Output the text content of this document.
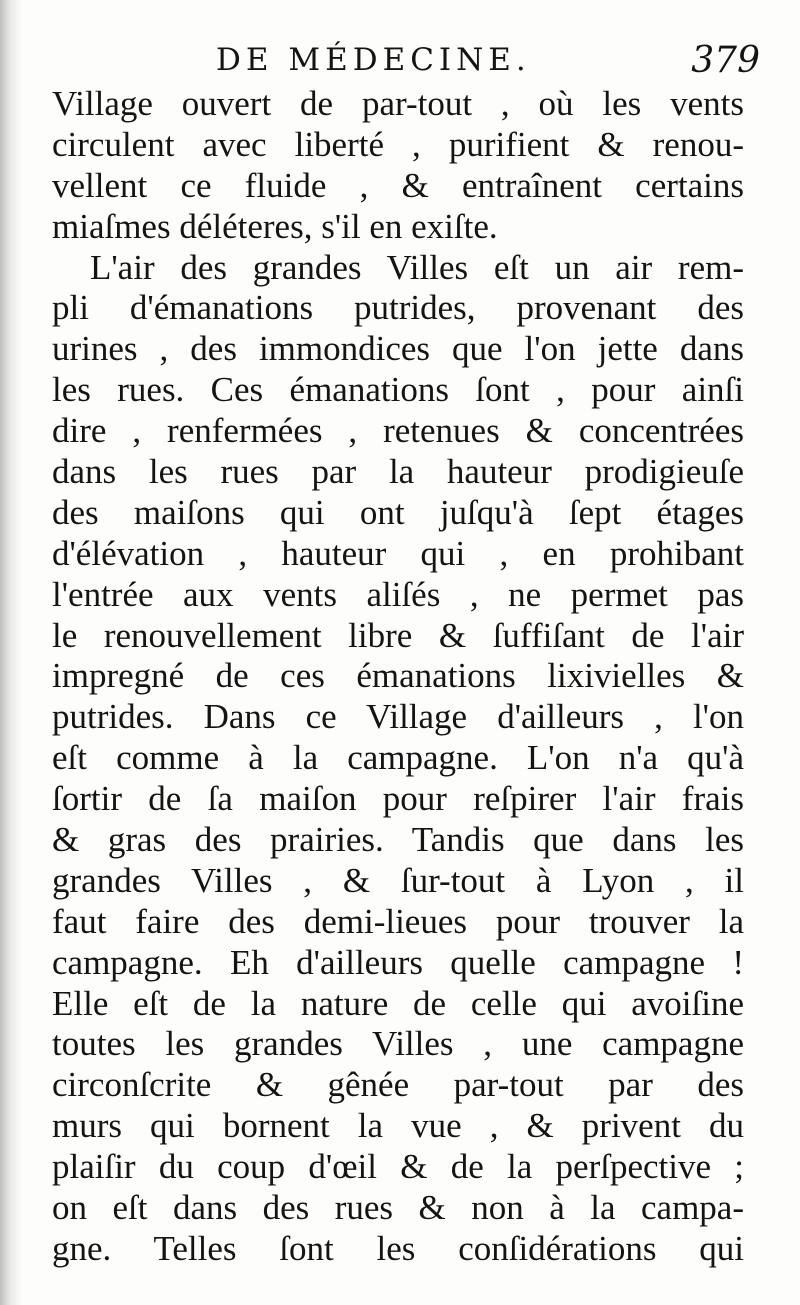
DE MÉDECINE.	379
Village ouvert de par-tout , où les vents
circulent avec liberté , purifient & renou-
vellent ce fluide , & entraînent certains
miaſmes déléteres, s'il en exiſte.
L'air des grandes Villes eſt un air rem-
pli d'émanations putrides, provenant des
urines , des immondices que l'on jette dans
les rues. Ces émanations ſont , pour ainſi
dire , renfermées , retenues & concentrées
dans les rues par la hauteur prodigieuſe
des maiſons qui ont juſqu'à ſept étages
d'élévation , hauteur qui , en prohibant
l'entrée aux vents aliſés , ne permet pas
le renouvellement libre & ſuffiſant de l'air
impregné de ces émanations lixivielles &
putrides. Dans ce Village d'ailleurs , l'on
eſt comme à la campagne. L'on n'a qu'à
ſortir de ſa maiſon pour reſpirer l'air frais
& gras des prairies. Tandis que dans les
grandes Villes , & ſur-tout à Lyon , il
faut faire des demi-lieues pour trouver la
campagne. Eh d'ailleurs quelle campagne !
Elle eſt de la nature de celle qui avoiſine
toutes les grandes Villes , une campagne
circonſcrite & gênée par-tout par des
murs qui bornent la vue , & privent du
plaiſir du coup d'œil & de la perſpective ;
on eſt dans des rues & non à la campa-
gne. Telles ſont les conſidérations qui
